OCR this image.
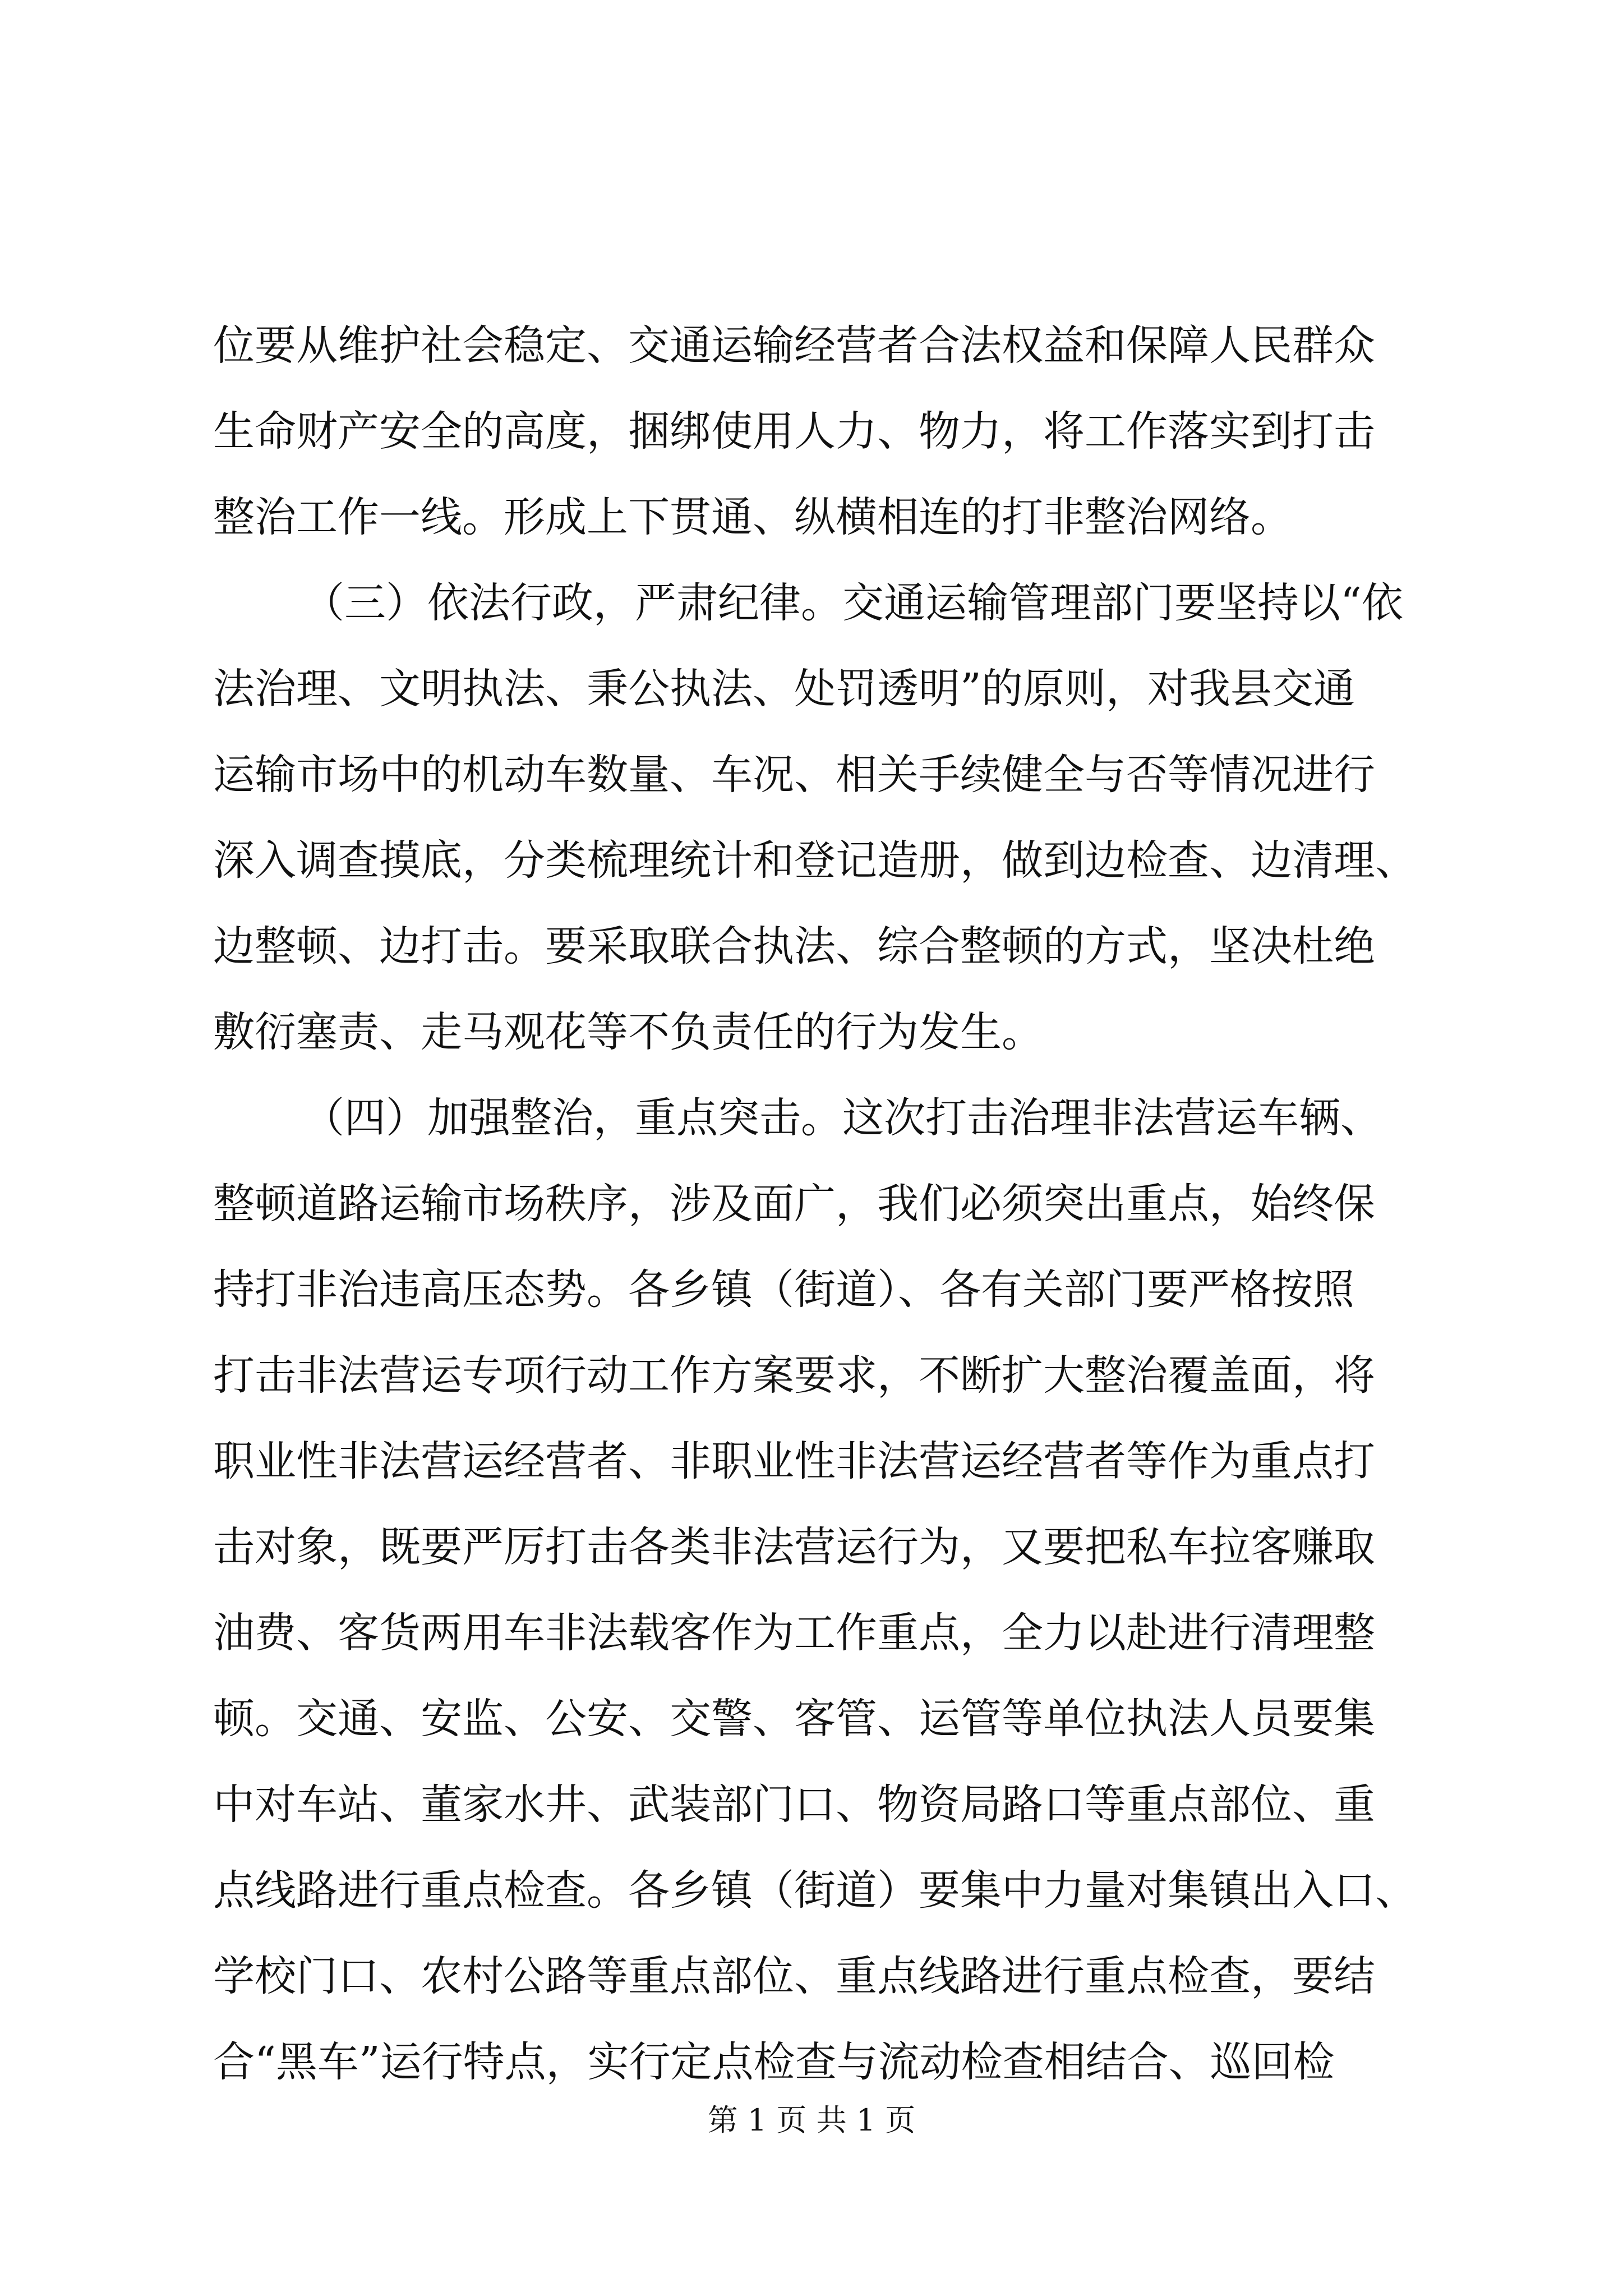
位要从维护社会稳定、交通运输经营者合法权益和保障人民群众
生命财产安全的高度，捆绑使用人力、物力，将工作落实到打击
整治工作一线。形成上下贯通、纵横相连的打非整治网络。
（三）依法行政，严肃纪律。交通运输管理部门要坚持以“依
法治理、文明执法、秉公执法、处罚透明”的原则，对我县交通
运输市场中的机动车数量、车况、相关手续健全与否等情况进行
深入调查摸底，分类梳理统计和登记造册，做到边检查、边清理、
边整顿、边打击。要采取联合执法、综合整顿的方式，坚决杜绝
敷衍塞责、走马观花等不负责任的行为发生。
（四）加强整治，重点突击。这次打击治理非法营运车辆、
整顿道路运输市场秩序，涉及面广，我们必须突出重点，始终保
持打非治违高压态势。各乡镇（街道）、各有关部门要严格按照
打击非法营运专项行动工作方案要求，不断扩大整治覆盖面，将
职业性非法营运经营者、非职业性非法营运经营者等作为重点打
击对象，既要严厉打击各类非法营运行为，又要把私车拉客赚取
油费、客货两用车非法载客作为工作重点，全力以赴进行清理整
顿。交通、安监、公安、交警、客管、运管等单位执法人员要集
中对车站、董家水井、武装部门口、物资局路口等重点部位、重
点线路进行重点检查。各乡镇（街道）要集中力量对集镇出入口、
学校门口、农村公路等重点部位、重点线路进行重点检查，要结
合“黑车”运行特点，实行定点检查与流动检查相结合、巡回检
第 1 页 共 1 页
